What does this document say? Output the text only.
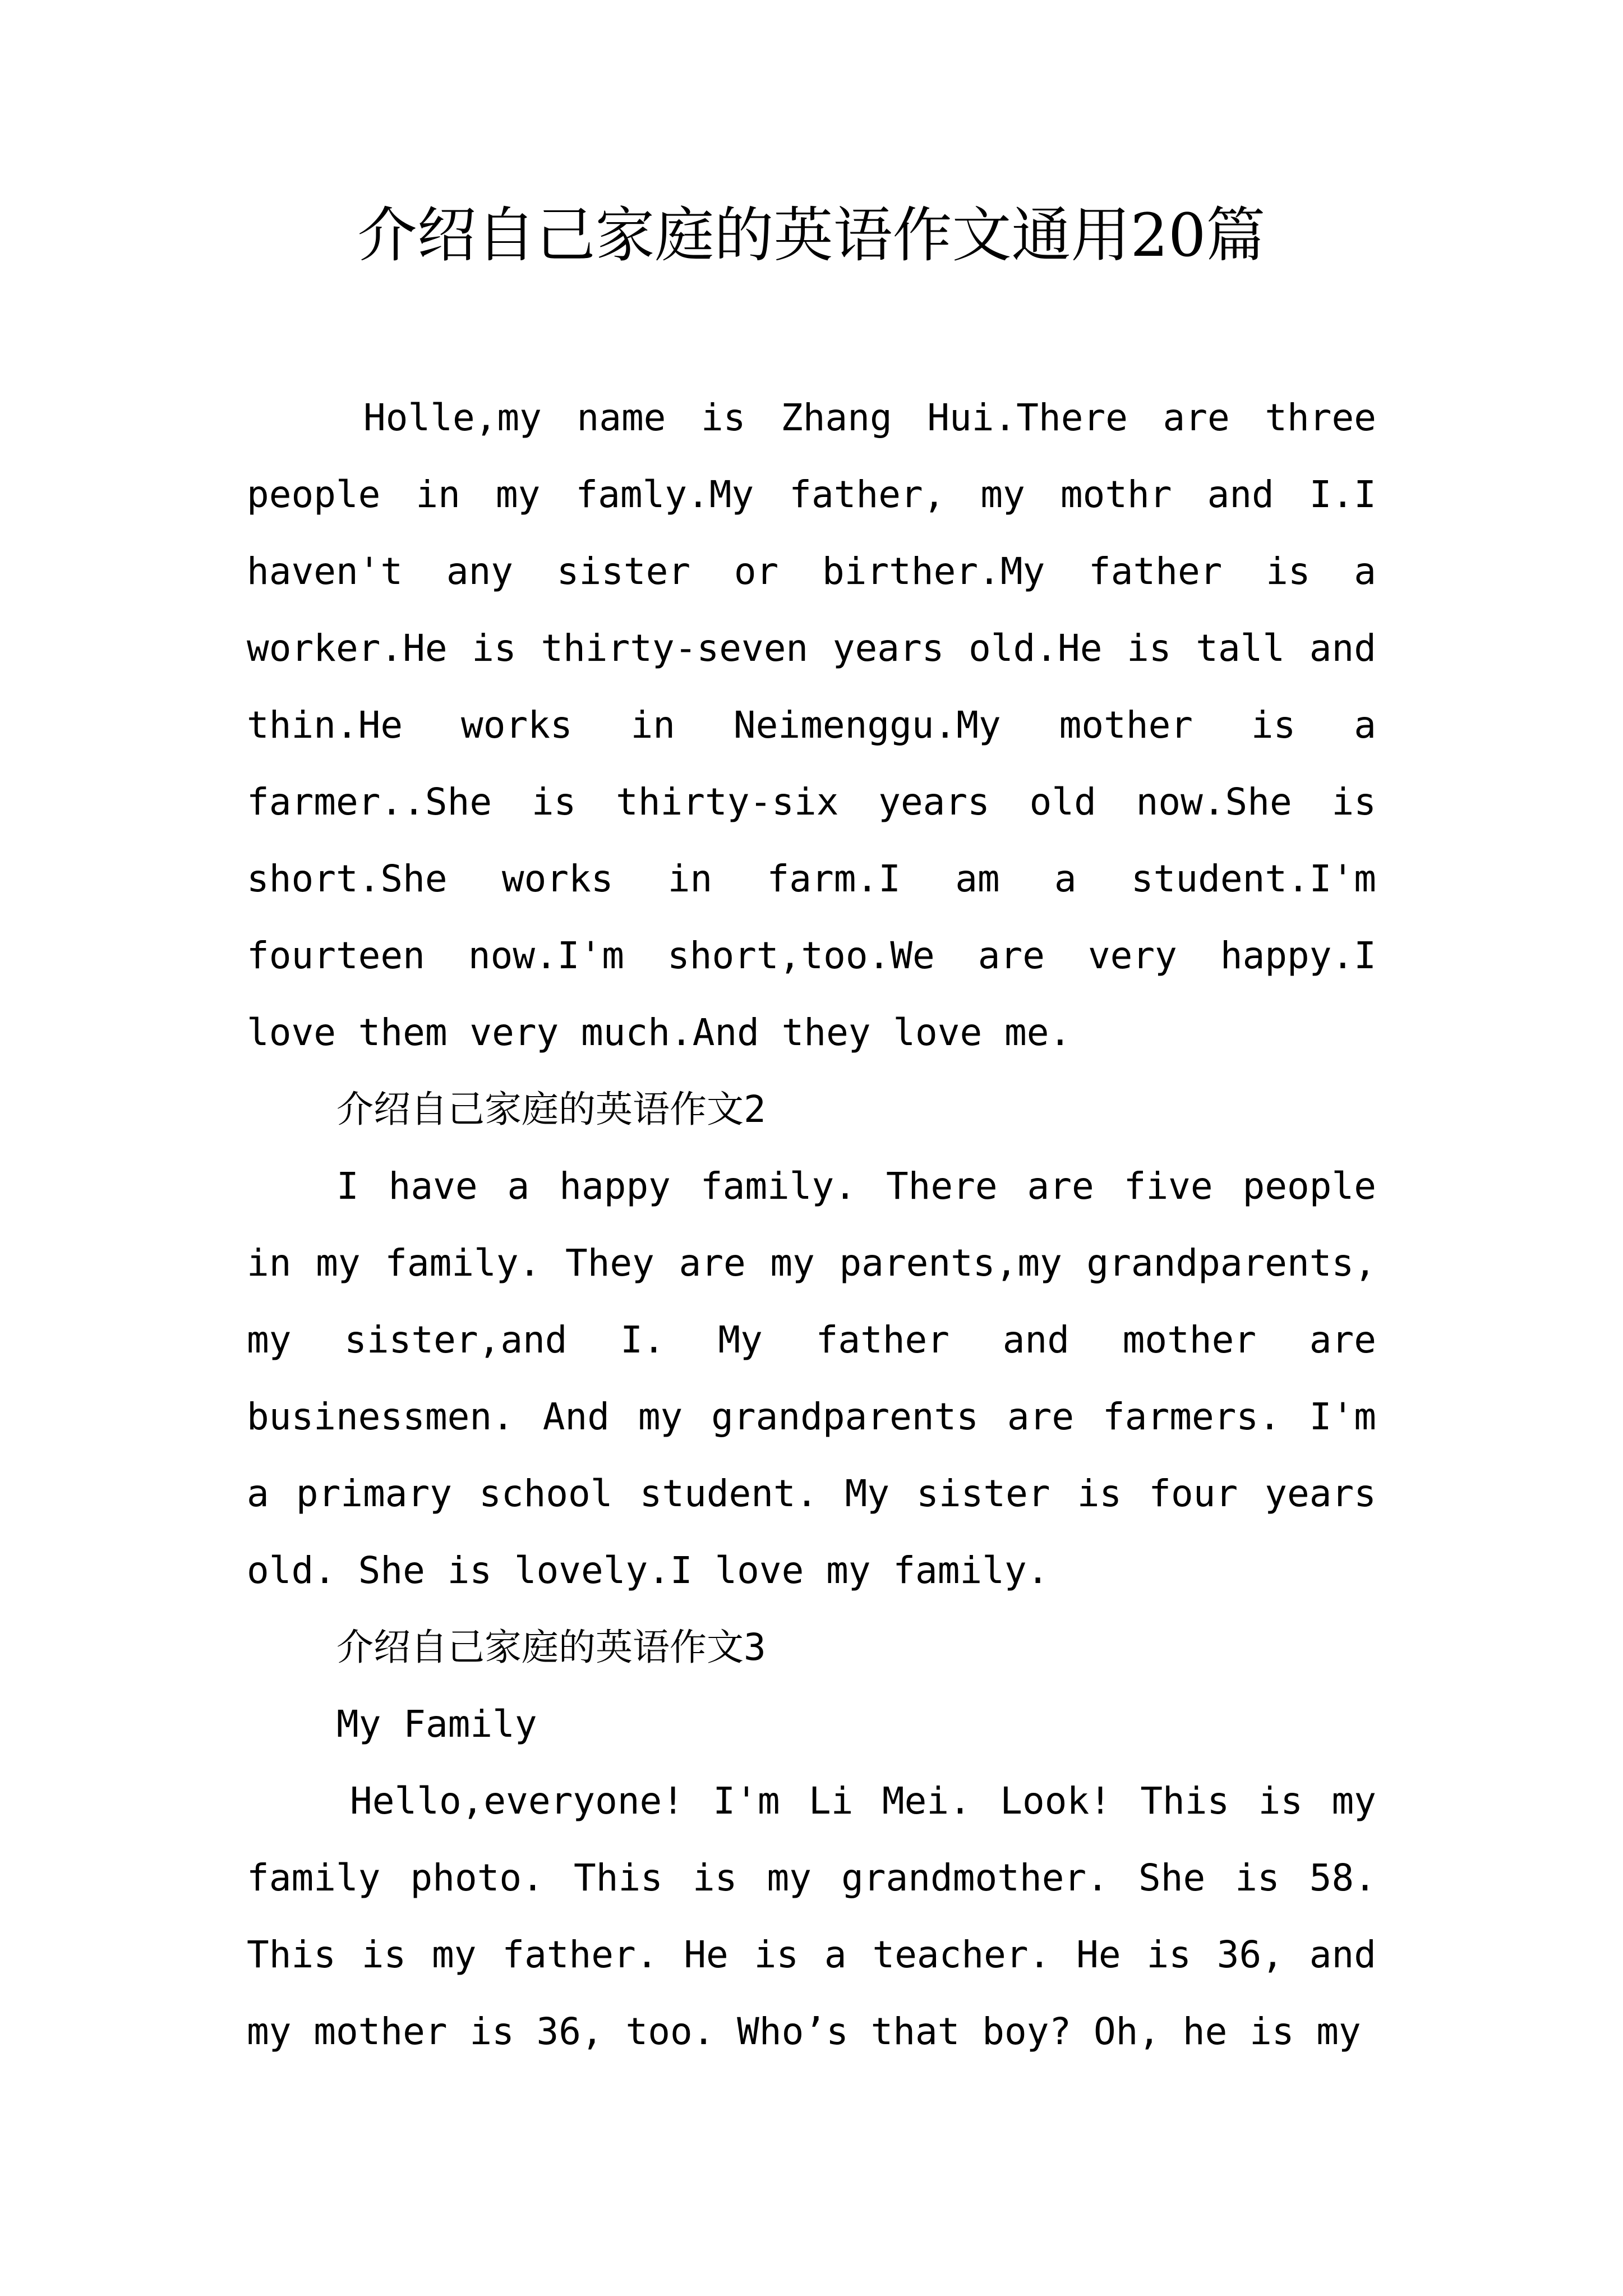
介绍自己家庭的英语作文通用20篇

Holle,my name is Zhang Hui.There are three people in my famly.My father, my mothr and I.I haven't any sister or birther.My father is a worker.He is thirty-seven years old.He is tall and thin.He works in Neimenggu.My mother is a farmer..She is thirty-six years old now.She is short.She works in farm.I am a student.I'm fourteen now.I'm short,too.We are very happy.I love them very much.And they love me.

介绍自己家庭的英语作文2

I have a happy family. There are five people in my family. They are my parents,my grandparents, my sister,and I. My father and mother are businessmen. And my grandparents are farmers. I'm a primary school student. My sister is four years old. She is lovely.I love my family.

介绍自己家庭的英语作文3

My Family

Hello,everyone! I'm Li Mei. Look! This is my family photo. This is my grandmother. She is 58. This is my father. He is a teacher. He is 36, and my mother is 36, too. Who’s that boy? Oh, he is my
